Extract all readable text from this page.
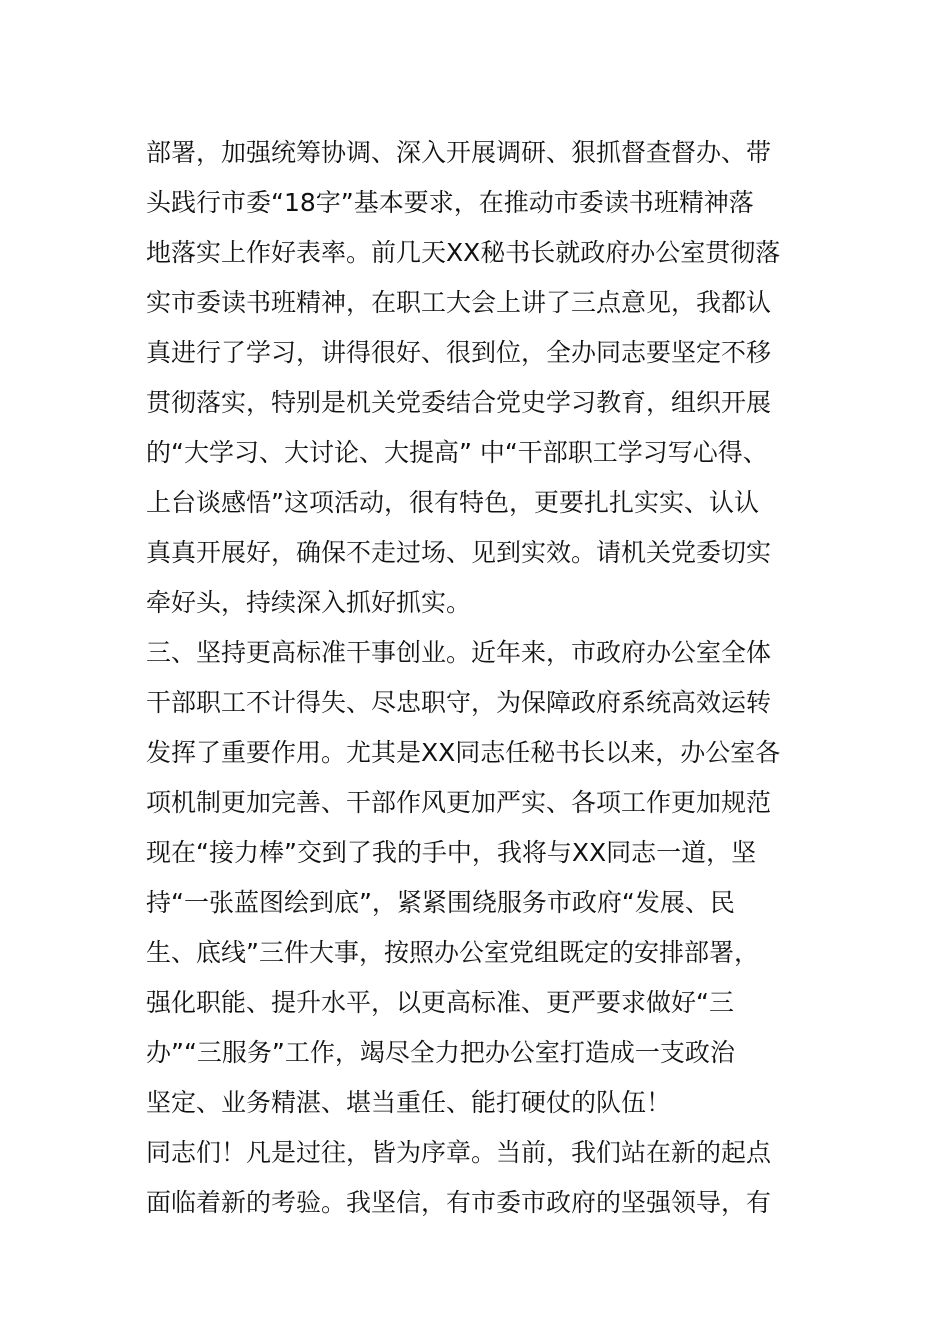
部署，加强统筹协调、深入开展调研、狠抓督查督办、带
头践行市委“18字”基本要求，在推动市委读书班精神落
地落实上作好表率。前几天XX秘书长就政府办公室贯彻落
实市委读书班精神，在职工大会上讲了三点意见，我都认
真进行了学习，讲得很好、很到位，全办同志要坚定不移
贯彻落实，特别是机关党委结合党史学习教育，组织开展
的“大学习、大讨论、大提高” 中“干部职工学习写心得、
上台谈感悟”这项活动，很有特色，更要扎扎实实、认认
真真开展好，确保不走过场、见到实效。请机关党委切实
牵好头，持续深入抓好抓实。
三、坚持更高标准干事创业。近年来，市政府办公室全体
干部职工不计得失、尽忠职守，为保障政府系统高效运转
发挥了重要作用。尤其是XX同志任秘书长以来，办公室各
项机制更加完善、干部作风更加严实、各项工作更加规范
现在“接力棒”交到了我的手中，我将与XX同志一道，坚
持“一张蓝图绘到底”，紧紧围绕服务市政府“发展、民
生、底线”三件大事，按照办公室党组既定的安排部署，
强化职能、提升水平，以更高标准、更严要求做好“三
办”“三服务”工作，竭尽全力把办公室打造成一支政治
坚定、业务精湛、堪当重任、能打硬仗的队伍！
同志们！凡是过往，皆为序章。当前，我们站在新的起点
面临着新的考验。我坚信，有市委市政府的坚强领导，有
